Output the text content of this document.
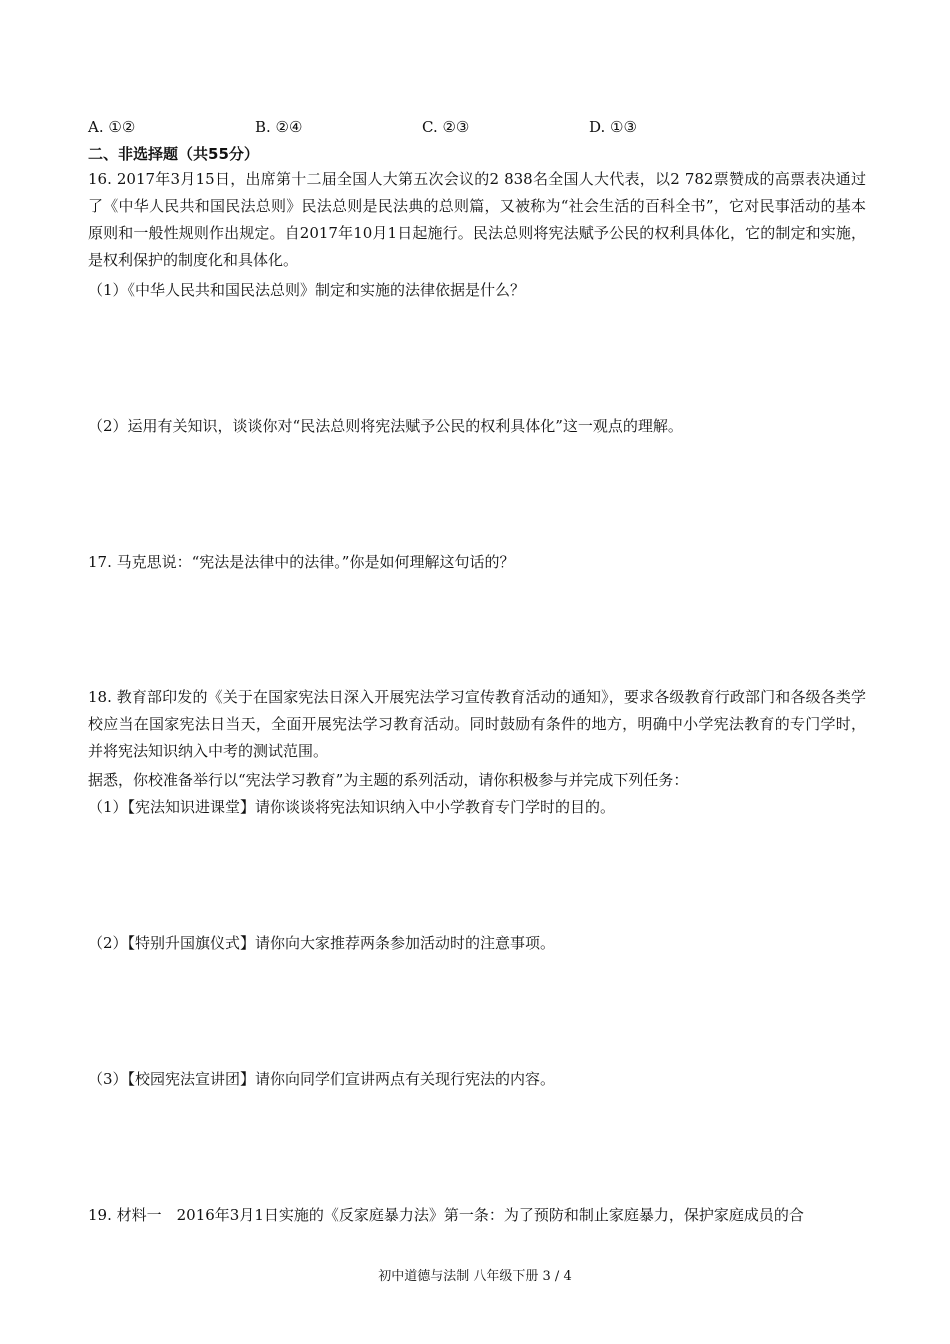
A. ①②	B. ②④	C. ②③	D. ①③
二、非选择题（共55分）
16. 2017年3月15日，出席第十二届全国人大第五次会议的2 838名全国人大代表，以2 782票赞成的高票表决通过了《中华人民共和国民法总则》民法总则是民法典的总则篇，又被称为“社会生活的百科全书”，它对民事活动的基本原则和一般性规则作出规定。自2017年10月1日起施行。民法总则将宪法赋予公民的权利具体化，它的制定和实施，是权利保护的制度化和具体化。
（1）《中华人民共和国民法总则》制定和实施的法律依据是什么？
（2）运用有关知识，谈谈你对“民法总则将宪法赋予公民的权利具体化”这一观点的理解。
17. 马克思说：“宪法是法律中的法律。”你是如何理解这句话的？
18. 教育部印发的《关于在国家宪法日深入开展宪法学习宣传教育活动的通知》，要求各级教育行政部门和各级各类学校应当在国家宪法日当天，全面开展宪法学习教育活动。同时鼓励有条件的地方，明确中小学宪法教育的专门学时，并将宪法知识纳入中考的测试范围。
据悉，你校准备举行以“宪法学习教育”为主题的系列活动，请你积极参与并完成下列任务：
（1）【宪法知识进课堂】请你谈谈将宪法知识纳入中小学教育专门学时的目的。
（2）【特别升国旗仪式】请你向大家推荐两条参加活动时的注意事项。
（3）【校园宪法宣讲团】请你向同学们宣讲两点有关现行宪法的内容。
19. 材料一　2016年3月1日实施的《反家庭暴力法》第一条：为了预防和制止家庭暴力，保护家庭成员的合
初中道德与法制 八年级下册 3 / 4
